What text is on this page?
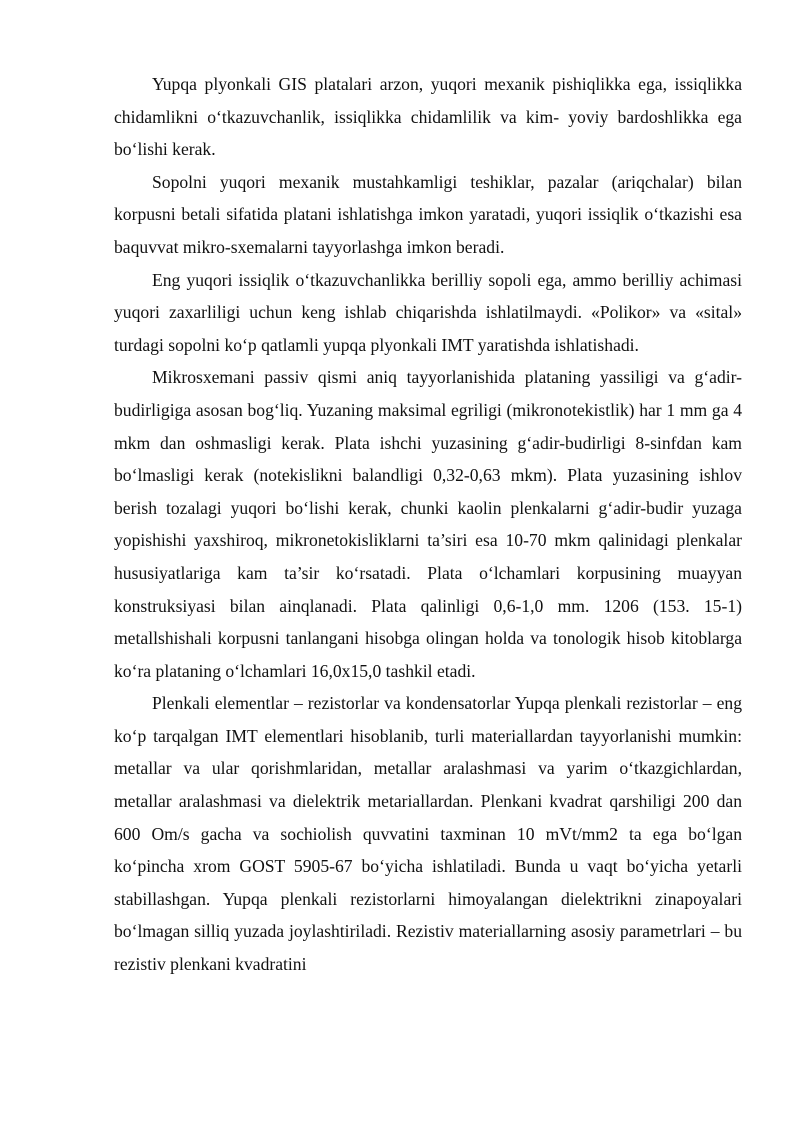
Yupqa plyonkali GIS platalari arzon, yuqori mexanik pishiqlikka ega, issiqlikka chidamlikni o‘tkazuvchanlik, issiqlikka chidamlilik va kim- yoviy bardoshlikka ega bo‘lishi kerak.

Sopolni yuqori mexanik mustahkamligi teshiklar, pazalar (ariqchalar) bilan korpusni betali sifatida platani ishlatishga imkon yaratadi, yuqori issiqlik o‘tkazishi esa baquvvat mikro-sxemalarni tayyorlashga imkon beradi.

Eng yuqori issiqlik o‘tkazuvchanlikka berilliy sopoli ega, ammo berilliy achimasi yuqori zaxarliligi uchun keng ishlab chiqarishda ishlatilmaydi. «Polikor» va «sital» turdagi sopolni ko‘p qatlamli yupqa plyonkali IMT yaratishda ishlatishadi.

Mikrosxemani passiv qismi aniq tayyorlanishida plataning yassiligi va g‘adir-budirligiga asosan bog‘liq. Yuzaning maksimal egriligi (mikronotekistlik) har 1 mm ga 4 mkm dan oshmasligi kerak. Plata ishchi yuzasining g‘adir-budirligi 8-sinfdan kam bo‘lmasligi kerak (notekislikni balandligi 0,32-0,63 mkm). Plata yuzasining ishlov berish tozalagi yuqori bo‘lishi kerak, chunki kaolin plenkalarni g‘adir-budir yuzaga yopishishi yaxshiroq, mikronetokisliklarni ta’siri esa 10-70 mkm qalinidagi plenkalar hususiyatlariga kam ta’sir ko‘rsatadi. Plata o‘lchamlari korpusining muayyan konstruksiyasi bilan ainqlanadi. Plata qalinligi 0,6-1,0 mm. 1206 (153. 15-1) metallshishali korpusni tanlangani hisobga olingan holda va tonologik hisob kitoblarga ko‘ra plataning o‘lchamlari 16,0x15,0 tashkil etadi.

Plenkali elementlar – rezistorlar va kondensatorlar Yupqa plenkali rezistorlar – eng ko‘p tarqalgan IMT elementlari hisoblanib, turli materiallardan tayyorlanishi mumkin: metallar va ular qorishmlaridan, metallar aralashmasi va yarim o‘tkazgichlardan, metallar aralashmasi va dielektrik metariallardan. Plenkani kvadrat qarshiligi 200 dan 600 Om/s gacha va sochiolish quvvatini taxminan 10 mVt/mm2 ta ega bo‘lgan ko‘pincha xrom GOST 5905-67 bo‘yicha ishlatiladi. Bunda u vaqt bo‘yicha yetarli stabillashgan. Yupqa plenkali rezistorlarni himoyalangan dielektrikni zinapoyalari bo‘lmagan silliq yuzada joylashtiriladi. Rezistiv materiallarning asosiy parametrlari – bu rezistiv plenkani kvadratini
